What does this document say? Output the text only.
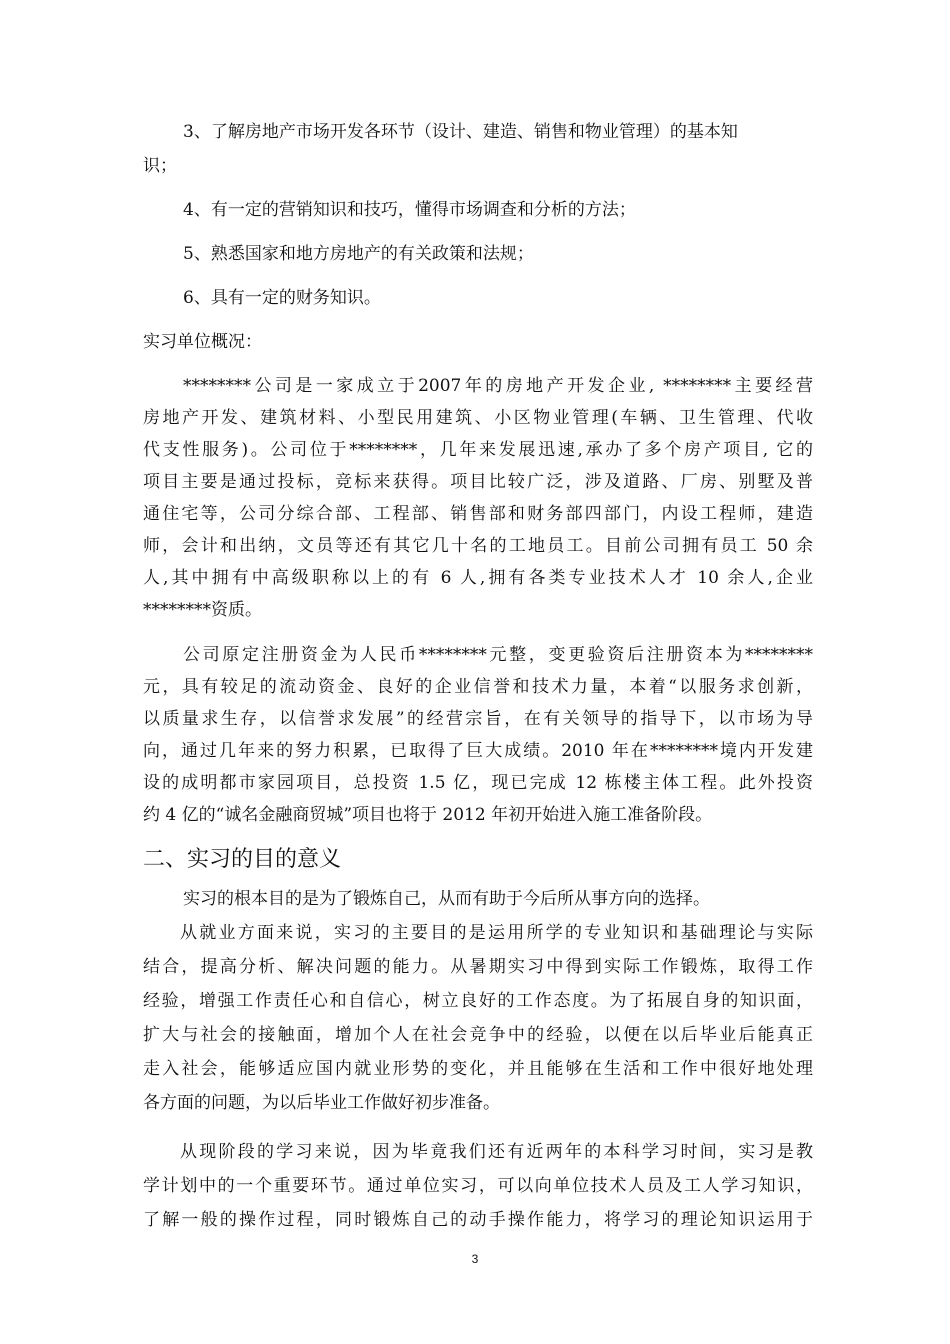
3、了解房地产市场开发各环节（设计、建造、销售和物业管理）的基本知
识；
4、有一定的营销知识和技巧，懂得市场调查和分析的方法；
5、熟悉国家和地方房地产的有关政策和法规；
6、具有一定的财务知识。
实习单位概况：
********公司是一家成立于2007年的房地产开发企业, ********主要经营
房地产开发、建筑材料、小型民用建筑、小区物业管理(车辆、卫生管理、代收
代支性服务)。公司位于********，几年来发展迅速,承办了多个房产项目, 它的
项目主要是通过投标，竞标来获得。项目比较广泛，涉及道路、厂房、别墅及普
通住宅等，公司分综合部、工程部、销售部和财务部四部门，内设工程师，建造
师，会计和出纳，文员等还有其它几十名的工地员工。目前公司拥有员工 50 余
人,其中拥有中高级职称以上的有 6 人,拥有各类专业技术人才 10 余人,企业
********资质。
公司原定注册资金为人民币********元整，变更验资后注册资本为********
元，具有较足的流动资金、良好的企业信誉和技术力量，本着“以服务求创新，
以质量求生存，以信誉求发展”的经营宗旨，在有关领导的指导下，以市场为导
向，通过几年来的努力积累，已取得了巨大成绩。2010 年在********境内开发建
设的成明都市家园项目，总投资 1.5 亿，现已完成 12 栋楼主体工程。此外投资
约 4 亿的“诚名金融商贸城”项目也将于 2012 年初开始进入施工准备阶段。
二、实习的目的意义
实习的根本目的是为了锻炼自己，从而有助于今后所从事方向的选择。
从就业方面来说，实习的主要目的是运用所学的专业知识和基础理论与实际
结合，提高分析、解决问题的能力。从暑期实习中得到实际工作锻炼，取得工作
经验，增强工作责任心和自信心，树立良好的工作态度。为了拓展自身的知识面，
扩大与社会的接触面，增加个人在社会竞争中的经验，以便在以后毕业后能真正
走入社会，能够适应国内就业形势的变化，并且能够在生活和工作中很好地处理
各方面的问题，为以后毕业工作做好初步准备。
从现阶段的学习来说，因为毕竟我们还有近两年的本科学习时间，实习是教
学计划中的一个重要环节。通过单位实习，可以向单位技术人员及工人学习知识，
了解一般的操作过程，同时锻炼自己的动手操作能力，将学习的理论知识运用于
3
